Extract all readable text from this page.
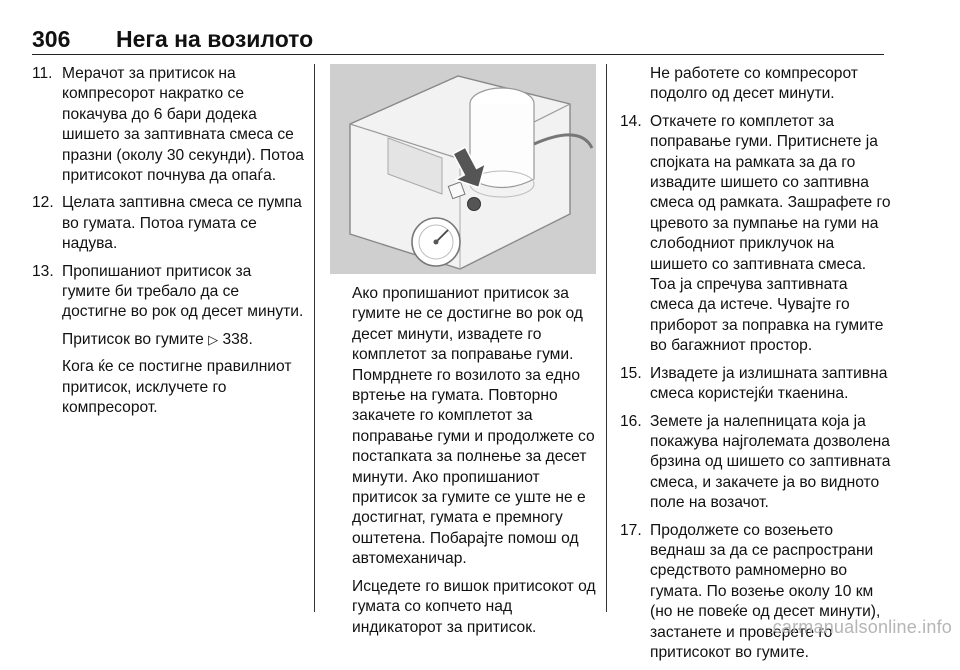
306 Нега на возилото
11. Мерачот за притисок на компресорот накратко се покачува до 6 бари додека шишето за заптивната смеса се празни (околу 30 секунди). Потоа притисокот почнува да опаѓа.
12. Целата заптивна смеса се пумпа во гумата. Потоа гумата се надува.
13. Пропишаниот притисок за гумите би требало да се достигне во рок од десет минути.

Притисок во гумите ▷ 338.

Кога ќе се постигне правилниот притисок, исклучете го компресорот.

Ако пропишаниот притисок за гумите не се достигне во рок од десет минути, извадете го комплетот за поправање гуми. Помрднете го возилото за едно вртење на гумата. Повторно закачете го комплетот за поправање гуми и продолжете со постапката за полнење за десет минути. Ако пропишаниот притисок за гумите се уште не е достигнат, гумата е премногу оштетена. Побарајте помош од автомеханичар.

Исцедете го вишок притисокот од гумата со копчето над индикаторот за притисок.

Не работете со компресорот подолго од десет минути.

14. Откачете го комплетот за поправање гуми. Притиснете ја спојката на рамката за да го извадите шишето со заптивна смеса од рамката. Зашрафете го цревото за пумпање на гуми на слободниот приклучок на шишето со заптивната смеса. Тоа ја спречува заптивната смеса да истече. Чувајте го приборот за поправка на гумите во багажниот простор.
15. Извадете ја излишната заптивна смеса користејќи ткаенина.
16. Земете ја налепницата која ја покажува најголемата дозволена брзина од шишето со заптивната смеса, и закачете ја во видното поле на возачот.
17. Продолжете со возењето веднаш за да се распространи средството рамномерно во гумата. По возење околу 10 км (но не повеќе од десет минути), застанете и проверете го притисокот во гумите.
carmanualsonline.info
